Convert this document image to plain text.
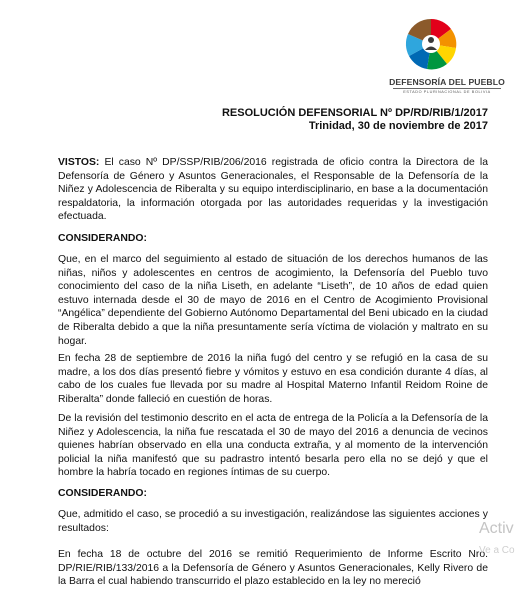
DEFENSORÍA DEL PUEBLO
ESTADO PLURINACIONAL DE BOLIVIA
RESOLUCIÓN DEFENSORIAL Nº DP/RD/RIB/1/2017
Trinidad, 30 de noviembre de 2017

VISTOS: El caso Nº DP/SSP/RIB/206/2016 registrada de oficio contra la Directora de la Defensoría de Género y Asuntos Generacionales, el Responsable de la Defensoría de la Niñez y Adolescencia de Riberalta y su equipo interdisciplinario, en base a la documentación respaldatoria, la información otorgada por las autoridades requeridas y la investigación efectuada.

CONSIDERANDO:

Que, en el marco del seguimiento al estado de situación de los derechos humanos de las niñas, niños y adolescentes en centros de acogimiento, la Defensoría del Pueblo tuvo conocimiento del caso de la niña Liseth, en adelante “Liseth”, de 10 años de edad quien estuvo internada desde el 30 de mayo de 2016 en el Centro de Acogimiento Provisional “Angélica” dependiente del Gobierno Autónomo Departamental del Beni ubicado en la ciudad de Riberalta debido a que la niña presuntamente sería víctima de violación y maltrato en su hogar.

En fecha 28 de septiembre de 2016 la niña fugó del centro y se refugió en la casa de su madre, a los dos días presentó fiebre y vómitos y estuvo en esa condición durante 4 días, al cabo de los cuales fue llevada por su madre al Hospital Materno Infantil Reidom Roine de Riberalta” donde falleció en cuestión de horas.

De la revisión del testimonio descrito en el acta de entrega de la Policía a la Defensoría de la Niñez y Adolescencia, la niña fue rescatada el 30 de mayo del 2016 a denuncia de vecinos quienes habrían observado en ella una conducta extraña, y al momento de la intervención policial la niña manifestó que su padrastro intentó besarla pero ella no se dejó y que el hombre la habría tocado en regiones íntimas de su cuerpo.

CONSIDERANDO:

Que, admitido el caso, se procedió a su investigación, realizándose las siguientes acciones y resultados:

En fecha 18 de octubre del 2016 se remitió Requerimiento de Informe Escrito Nro. DP/RIE/RIB/133/2016 a la Defensoría de Género y Asuntos Generacionales, Kelly Rivero de la Barra el cual habiendo transcurrido el plazo establecido en la ley no mereció

Activ
Ve a Co
